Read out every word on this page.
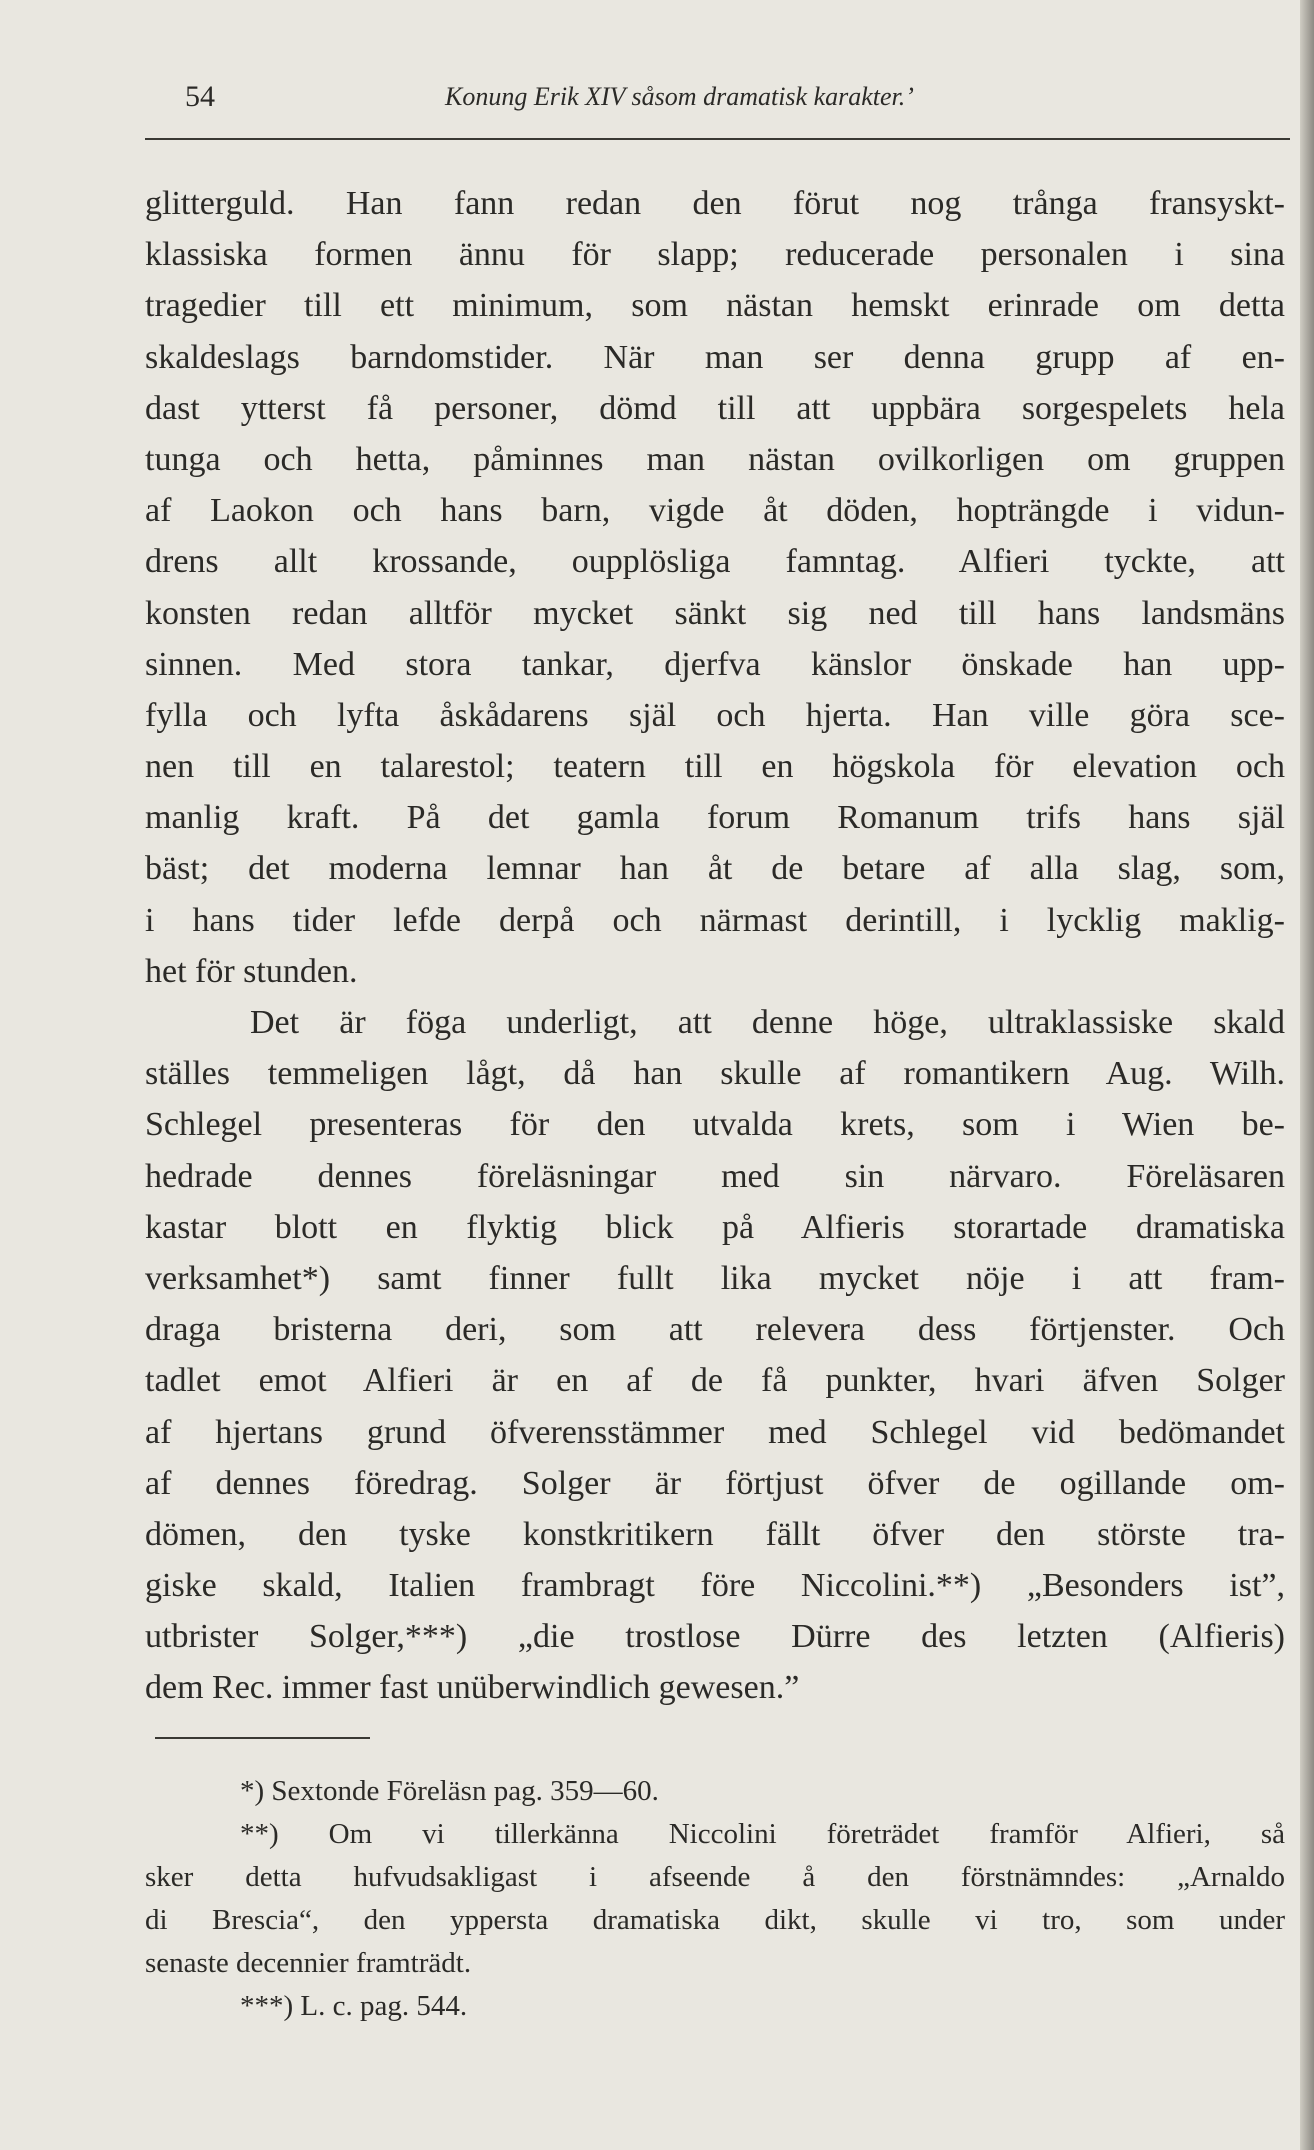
54	Konung Erik XIV såsom dramatisk karakter.’
glitterguld. Han fann redan den förut nog trånga fransyskt-
klassiska formen ännu för slapp; reducerade personalen i sina
tragedier till ett minimum, som nästan hemskt erinrade om detta
skaldeslags barndomstider. När man ser denna grupp af en-
dast ytterst få personer, dömd till att uppbära sorgespelets hela
tunga och hetta, påminnes man nästan ovilkorligen om gruppen
af Laokon och hans barn, vigde åt döden, hopträngde i vidun-
drens allt krossande, oupplösliga famntag. Alfieri tyckte, att
konsten redan alltför mycket sänkt sig ned till hans landsmäns
sinnen. Med stora tankar, djerfva känslor önskade han upp-
fylla och lyfta åskådarens själ och hjerta. Han ville göra sce-
nen till en talarestol; teatern till en högskola för elevation och
manlig kraft. På det gamla forum Romanum trifs hans själ
bäst; det moderna lemnar han åt de betare af alla slag, som,
i hans tider lefde derpå och närmast derintill, i lycklig maklig-
het för stunden.
Det är föga underligt, att denne höge, ultraklassiske skald
ställes temmeligen lågt, då han skulle af romantikern Aug. Wilh.
Schlegel presenteras för den utvalda krets, som i Wien be-
hedrade dennes föreläsningar med sin närvaro. Föreläsaren
kastar blott en flyktig blick på Alfieris storartade dramatiska
verksamhet*) samt finner fullt lika mycket nöje i att fram-
draga bristerna deri, som att relevera dess förtjenster. Och
tadlet emot Alfieri är en af de få punkter, hvari äfven Solger
af hjertans grund öfverensstämmer med Schlegel vid bedömandet
af dennes föredrag. Solger är förtjust öfver de ogillande om-
dömen, den tyske konstkritikern fällt öfver den störste tra-
giske skald, Italien frambragt före Niccolini.**) „Besonders ist”,
utbrister Solger,***) „die trostlose Dürre des letzten (Alfieris)
dem Rec. immer fast unüberwindlich gewesen.”
*) Sextonde Föreläsn pag. 359—60.
**) Om vi tillerkänna Niccolini företrädet framför Alfieri, så
sker detta hufvudsakligast i afseende å den förstnämndes: „Arnaldo
di Brescia“, den yppersta dramatiska dikt, skulle vi tro, som under
senaste decennier framträdt.
***) L. c. pag. 544.
